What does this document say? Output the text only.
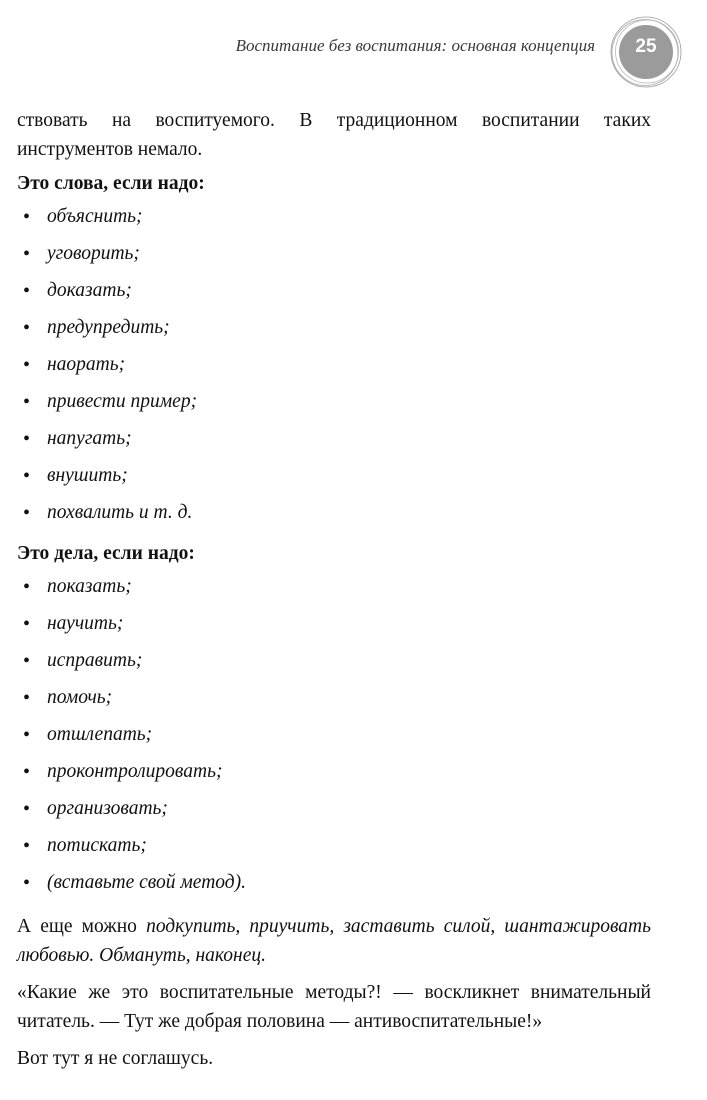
Воспитание без воспитания: основная концепция	25

ствовать на воспитуемого. В традиционном воспитании таких инструментов немало.

Это слова, если надо:

• объяснить;
• уговорить;
• доказать;
• предупредить;
• наорать;
• привести пример;
• напугать;
• внушить;
• похвалить и т. д.

Это дела, если надо:

• показать;
• научить;
• исправить;
• помочь;
• отшлепать;
• проконтролировать;
• организовать;
• потискать;
• (вставьте свой метод).

А еще можно подкупить, приучить, заставить силой, шантажировать любовью. Обмануть, наконец.

«Какие же это воспитательные методы?! — воскликнет внимательный читатель. — Тут же добрая половина — антивоспитательные!»

Вот тут я не соглашусь.
